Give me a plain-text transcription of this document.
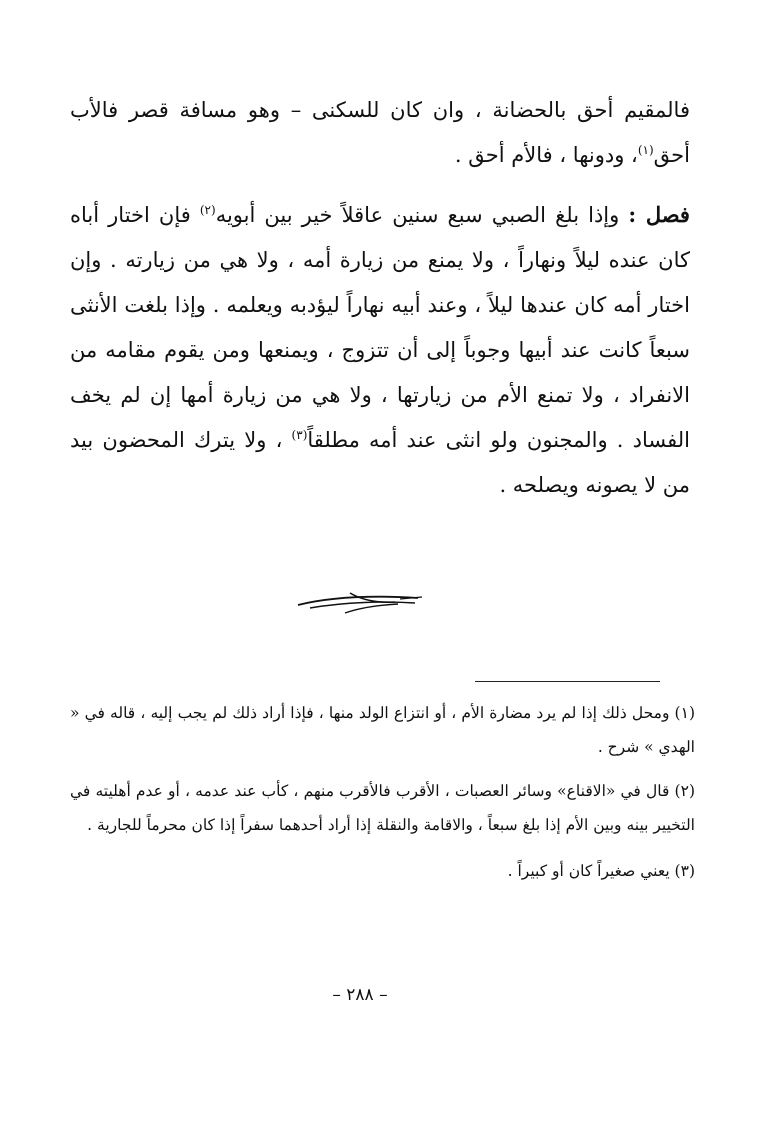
فالمقيم أحق بالحضانة ، وان كان للسكنى – وهو مسافة قصر فالأب أحق$^{(١)}$، ودونها ، فالأم أحق .

فصل : وإذا بلغ الصبي سبع سنين عاقلاً خير بين أبويه$^{(٢)}$ فإن اختار أباه كان عنده ليلاً ونهاراً ، ولا يمنع من زيارة أمه ، ولا هي من زيارته . وإن اختار أمه كان عندها ليلاً ، وعند أبيه نهاراً ليؤدبه ويعلمه . وإذا بلغت الأنثى سبعاً كانت عند أبيها وجوباً إلى أن تتزوج ، ويمنعها ومن يقوم مقامه من الانفراد ، ولا تمنع الأم من زيارتها ، ولا هي من زيارة أمها إن لم يخف الفساد . والمجنون ولو انثى عند أمه مطلقاً$^{(٣)}$ ، ولا يترك المحضون بيد من لا يصونه ويصلحه .

(١) ومحل ذلك إذا لم يرد مضارة الأم ، أو انتزاع الولد منها ، فإذا أراد ذلك لم يجب إليه ، قاله في « الهدي » شرح .

(٢) قال في «الاقناع» وسائر العصبات ، الأقرب فالأقرب منهم ، كأب عند عدمه ، أو عدم أهليته في التخيير بينه وبين الأم إذا بلغ سبعاً ، والاقامة والنقلة إذا أراد أحدهما سفراً إذا كان محرماً للجارية .

(٣) يعني صغيراً كان أو كبيراً .

– ٢٨٨ –
